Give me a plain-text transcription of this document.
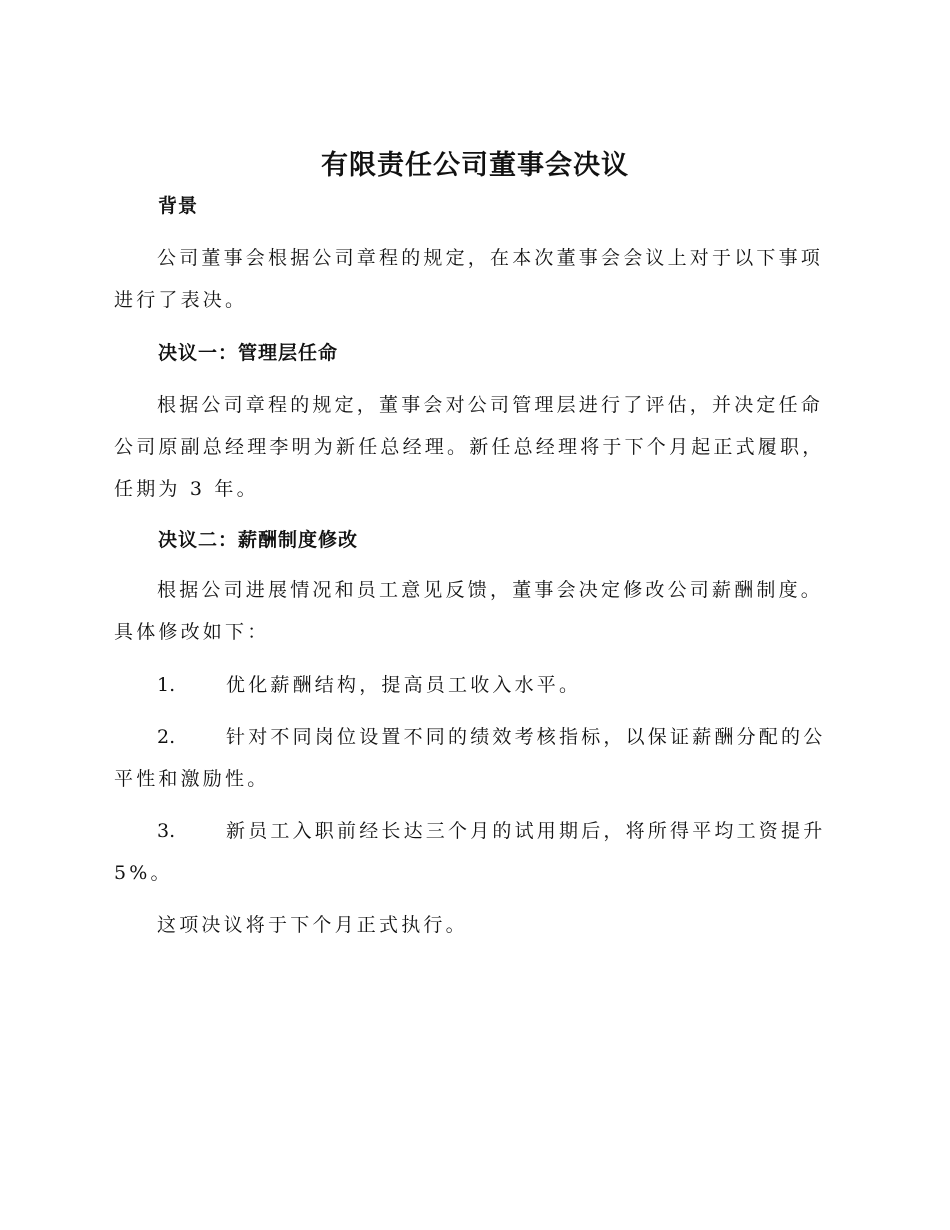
有限责任公司董事会决议
背景
公司董事会根据公司章程的规定，在本次董事会会议上对于以下事项进行了表决。
决议一：管理层任命
根据公司章程的规定，董事会对公司管理层进行了评估，并决定任命公司原副总经理李明为新任总经理。新任总经理将于下个月起正式履职，任期为 3 年。
决议二：薪酬制度修改
根据公司进展情况和员工意见反馈，董事会决定修改公司薪酬制度。具体修改如下：
1.	优化薪酬结构，提高员工收入水平。
2.	针对不同岗位设置不同的绩效考核指标，以保证薪酬分配的公平性和激励性。
3.	新员工入职前经长达三个月的试用期后，将所得平均工资提升 5%。
这项决议将于下个月正式执行。
